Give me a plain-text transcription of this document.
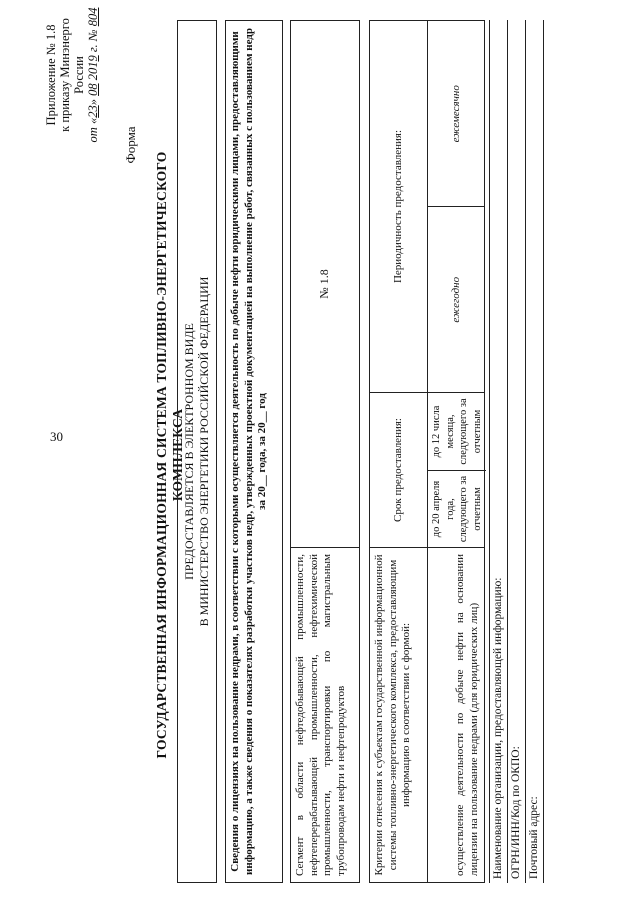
30
Приложение № 1.8 к приказу Минэнерго России
от «23» 08 2019 г. № 804
Форма
ГОСУДАРСТВЕННАЯ ИНФОРМАЦИОННАЯ СИСТЕМА ТОПЛИВНО-ЭНЕРГЕТИЧЕСКОГО КОМПЛЕКСА
ПРЕДОСТАВЛЯЕТСЯ В ЭЛЕКТРОННОМ ВИДЕ В МИНИСТЕРСТВО ЭНЕРГЕТИКИ РОССИЙСКОЙ ФЕДЕРАЦИИ	Сведения о лицензиях на пользование недрами, в соответствии с которыми осуществляется деятельность по добыче нефти юридическими лицами, предоставляющими информацию, а также сведения о показателях разработки участков недр, утвержденных проектной документацией на выполнение работ, связанных с пользованием недр за 20__ года, за 20__ год
Сегмент в области нефтедобывающей промышленности, нефтеперерабатывающей промышленности, нефтехимической промышленности, транспортировки по магистральным трубопроводам нефти и нефтепродуктов
№ 1.8
Критерии отнесения к субъектам государственной информационной системы топливно-энергетического комплекса, предоставляющим информацию в соответствии с формой:
Срок предоставления:
Периодичность предоставления:
осуществление деятельности по добыче нефти на основании лицензии на пользование недрами (для юридических лиц)
до 20 апреля года, следующего за отчетным
до 12 числа месяца, следующего за отчетным
ежегодно
ежемесячно
Наименование организации, предоставляющей информацию: ОГРН/ИНН/Код по ОКПО: Почтовый адрес:
